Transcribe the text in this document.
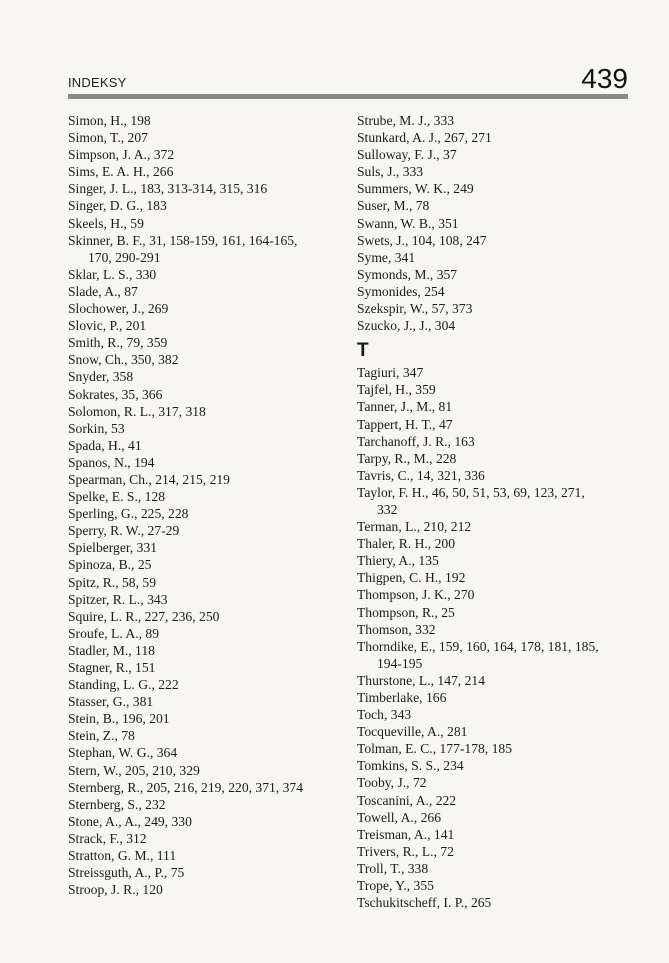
INDEKSY	439
Simon, H., 198
Simon, T., 207
Simpson, J. A., 372
Sims, E. A. H., 266
Singer, J. L., 183, 313-314, 315, 316
Singer, D. G., 183
Skeels, H., 59
Skinner, B. F., 31, 158-159, 161, 164-165, 170, 290-291
Sklar, L. S., 330
Slade, A., 87
Slochower, J., 269
Slovic, P., 201
Smith, R., 79, 359
Snow, Ch., 350, 382
Snyder, 358
Sokrates, 35, 366
Solomon, R. L., 317, 318
Sorkin, 53
Spada, H., 41
Spanos, N., 194
Spearman, Ch., 214, 215, 219
Spelke, E. S., 128
Sperling, G., 225, 228
Sperry, R. W., 27-29
Spielberger, 331
Spinoza, B., 25
Spitz, R., 58, 59
Spitzer, R. L., 343
Squire, L. R., 227, 236, 250
Sroufe, L. A., 89
Stadler, M., 118
Stagner, R., 151
Standing, L. G., 222
Stasser, G., 381
Stein, B., 196, 201
Stein, Z., 78
Stephan, W. G., 364
Stern, W., 205, 210, 329
Sternberg, R., 205, 216, 219, 220, 371, 374
Sternberg, S., 232
Stone, A., A., 249, 330
Strack, F., 312
Stratton, G. M., 111
Streissguth, A., P., 75
Stroop, J. R., 120
Strube, M. J., 333
Stunkard, A. J., 267, 271
Sulloway, F. J., 37
Suls, J., 333
Summers, W. K., 249
Suser, M., 78
Swann, W. B., 351
Swets, J., 104, 108, 247
Syme, 341
Symonds, M., 357
Symonides, 254
Szekspir, W., 57, 373
Szucko, J., J., 304
T
Tagiuri, 347
Tajfel, H., 359
Tanner, J., M., 81
Tappert, H. T., 47
Tarchanoff, J. R., 163
Tarpy, R., M., 228
Tavris, C., 14, 321, 336
Taylor, F. H., 46, 50, 51, 53, 69, 123, 271, 332
Terman, L., 210, 212
Thaler, R. H., 200
Thiery, A., 135
Thigpen, C. H., 192
Thompson, J. K., 270
Thompson, R., 25
Thomson, 332
Thorndike, E., 159, 160, 164, 178, 181, 185, 194-195
Thurstone, L., 147, 214
Timberlake, 166
Toch, 343
Tocqueville, A., 281
Tolman, E. C., 177-178, 185
Tomkins, S. S., 234
Tooby, J., 72
Toscanini, A., 222
Towell, A., 266
Treisman, A., 141
Trivers, R., L., 72
Troll, T., 338
Trope, Y., 355
Tschukitscheff, I. P., 265
